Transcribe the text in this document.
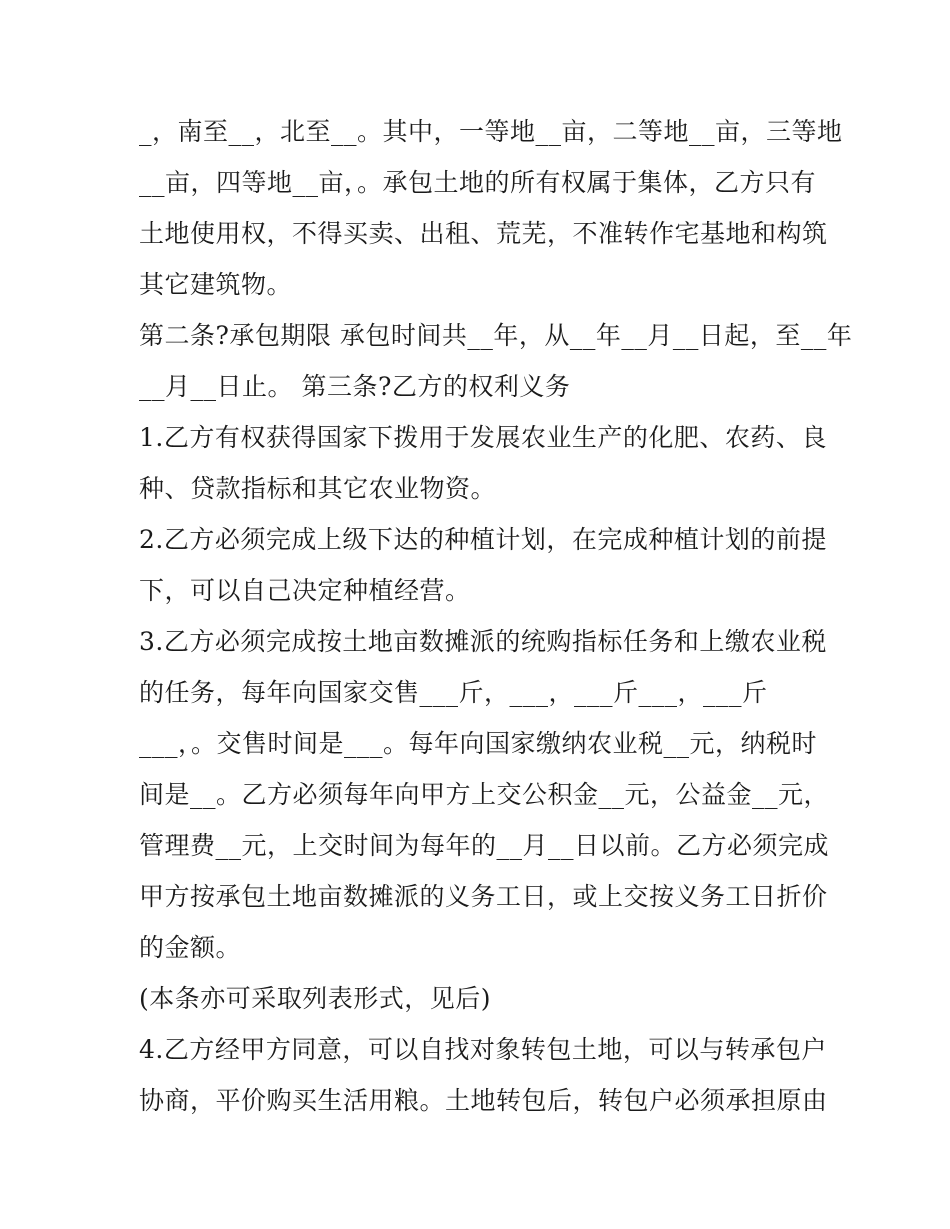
_，南至__，北至__。其中，一等地__亩，二等地__亩，三等地
__亩，四等地__亩，。承包土地的所有权属于集体，乙方只有
土地使用权，不得买卖、出租、荒芜，不准转作宅基地和构筑
其它建筑物。
第二条?承包期限 承包时间共__年，从__年__月__日起，至__年
__月__日止。 第三条?乙方的权利义务
1.乙方有权获得国家下拨用于发展农业生产的化肥、农药、良
种、贷款指标和其它农业物资。
2.乙方必须完成上级下达的种植计划，在完成种植计划的前提
下，可以自己决定种植经营。
3.乙方必须完成按土地亩数摊派的统购指标任务和上缴农业税
的任务，每年向国家交售___斤，___，___斤___，___斤
___，。交售时间是___。每年向国家缴纳农业税__元，纳税时
间是__。乙方必须每年向甲方上交公积金__元，公益金__元，
管理费__元，上交时间为每年的__月__日以前。乙方必须完成
甲方按承包土地亩数摊派的义务工日，或上交按义务工日折价
的金额。
(本条亦可采取列表形式，见后)
4.乙方经甲方同意，可以自找对象转包土地，可以与转承包户
协商，平价购买生活用粮。土地转包后，转包户必须承担原由
